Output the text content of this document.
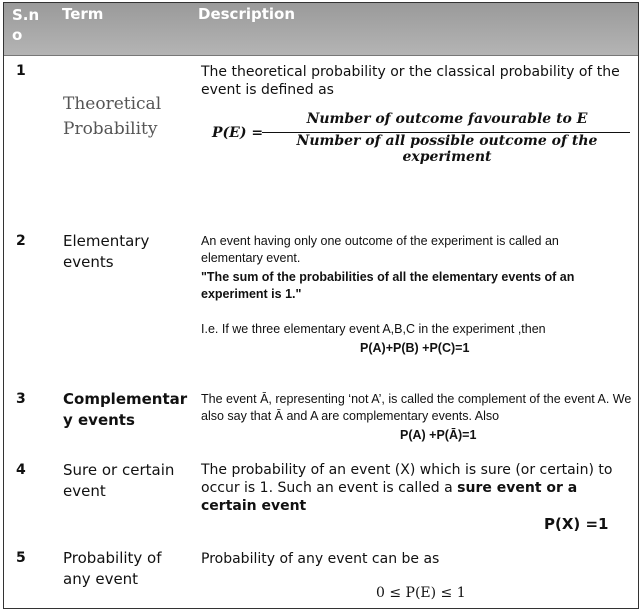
S.n o
Term	Description
1
Theoretical Probability
The theoretical probability or the classical probability of the event is defined as
P(E) =
Number of outcome favourable to E
Number of all possible outcome of the experiment
2 Elementary events
An event having only one outcome of the experiment is called an elementary event.
"The sum of the probabilities of all the elementary events of an experiment is 1."
I.e. If we three elementary event A,B,C in the experiment ,then
P(A)+P(B) +P(C)=1
3 Complementary events
The event Ā, representing ‘not A’, is called the complement of the event A. We also say that Ā and A are complementary events. Also
P(A) +P(Ā)=1
4 Sure or certain event
The probability of an event (X) which is sure (or certain) to occur is 1. Such an event is called a sure event or a certain event
P(X) =1
5 Probability of any event
Probability of any event can be as
0 ≤ P(E) ≤ 1
